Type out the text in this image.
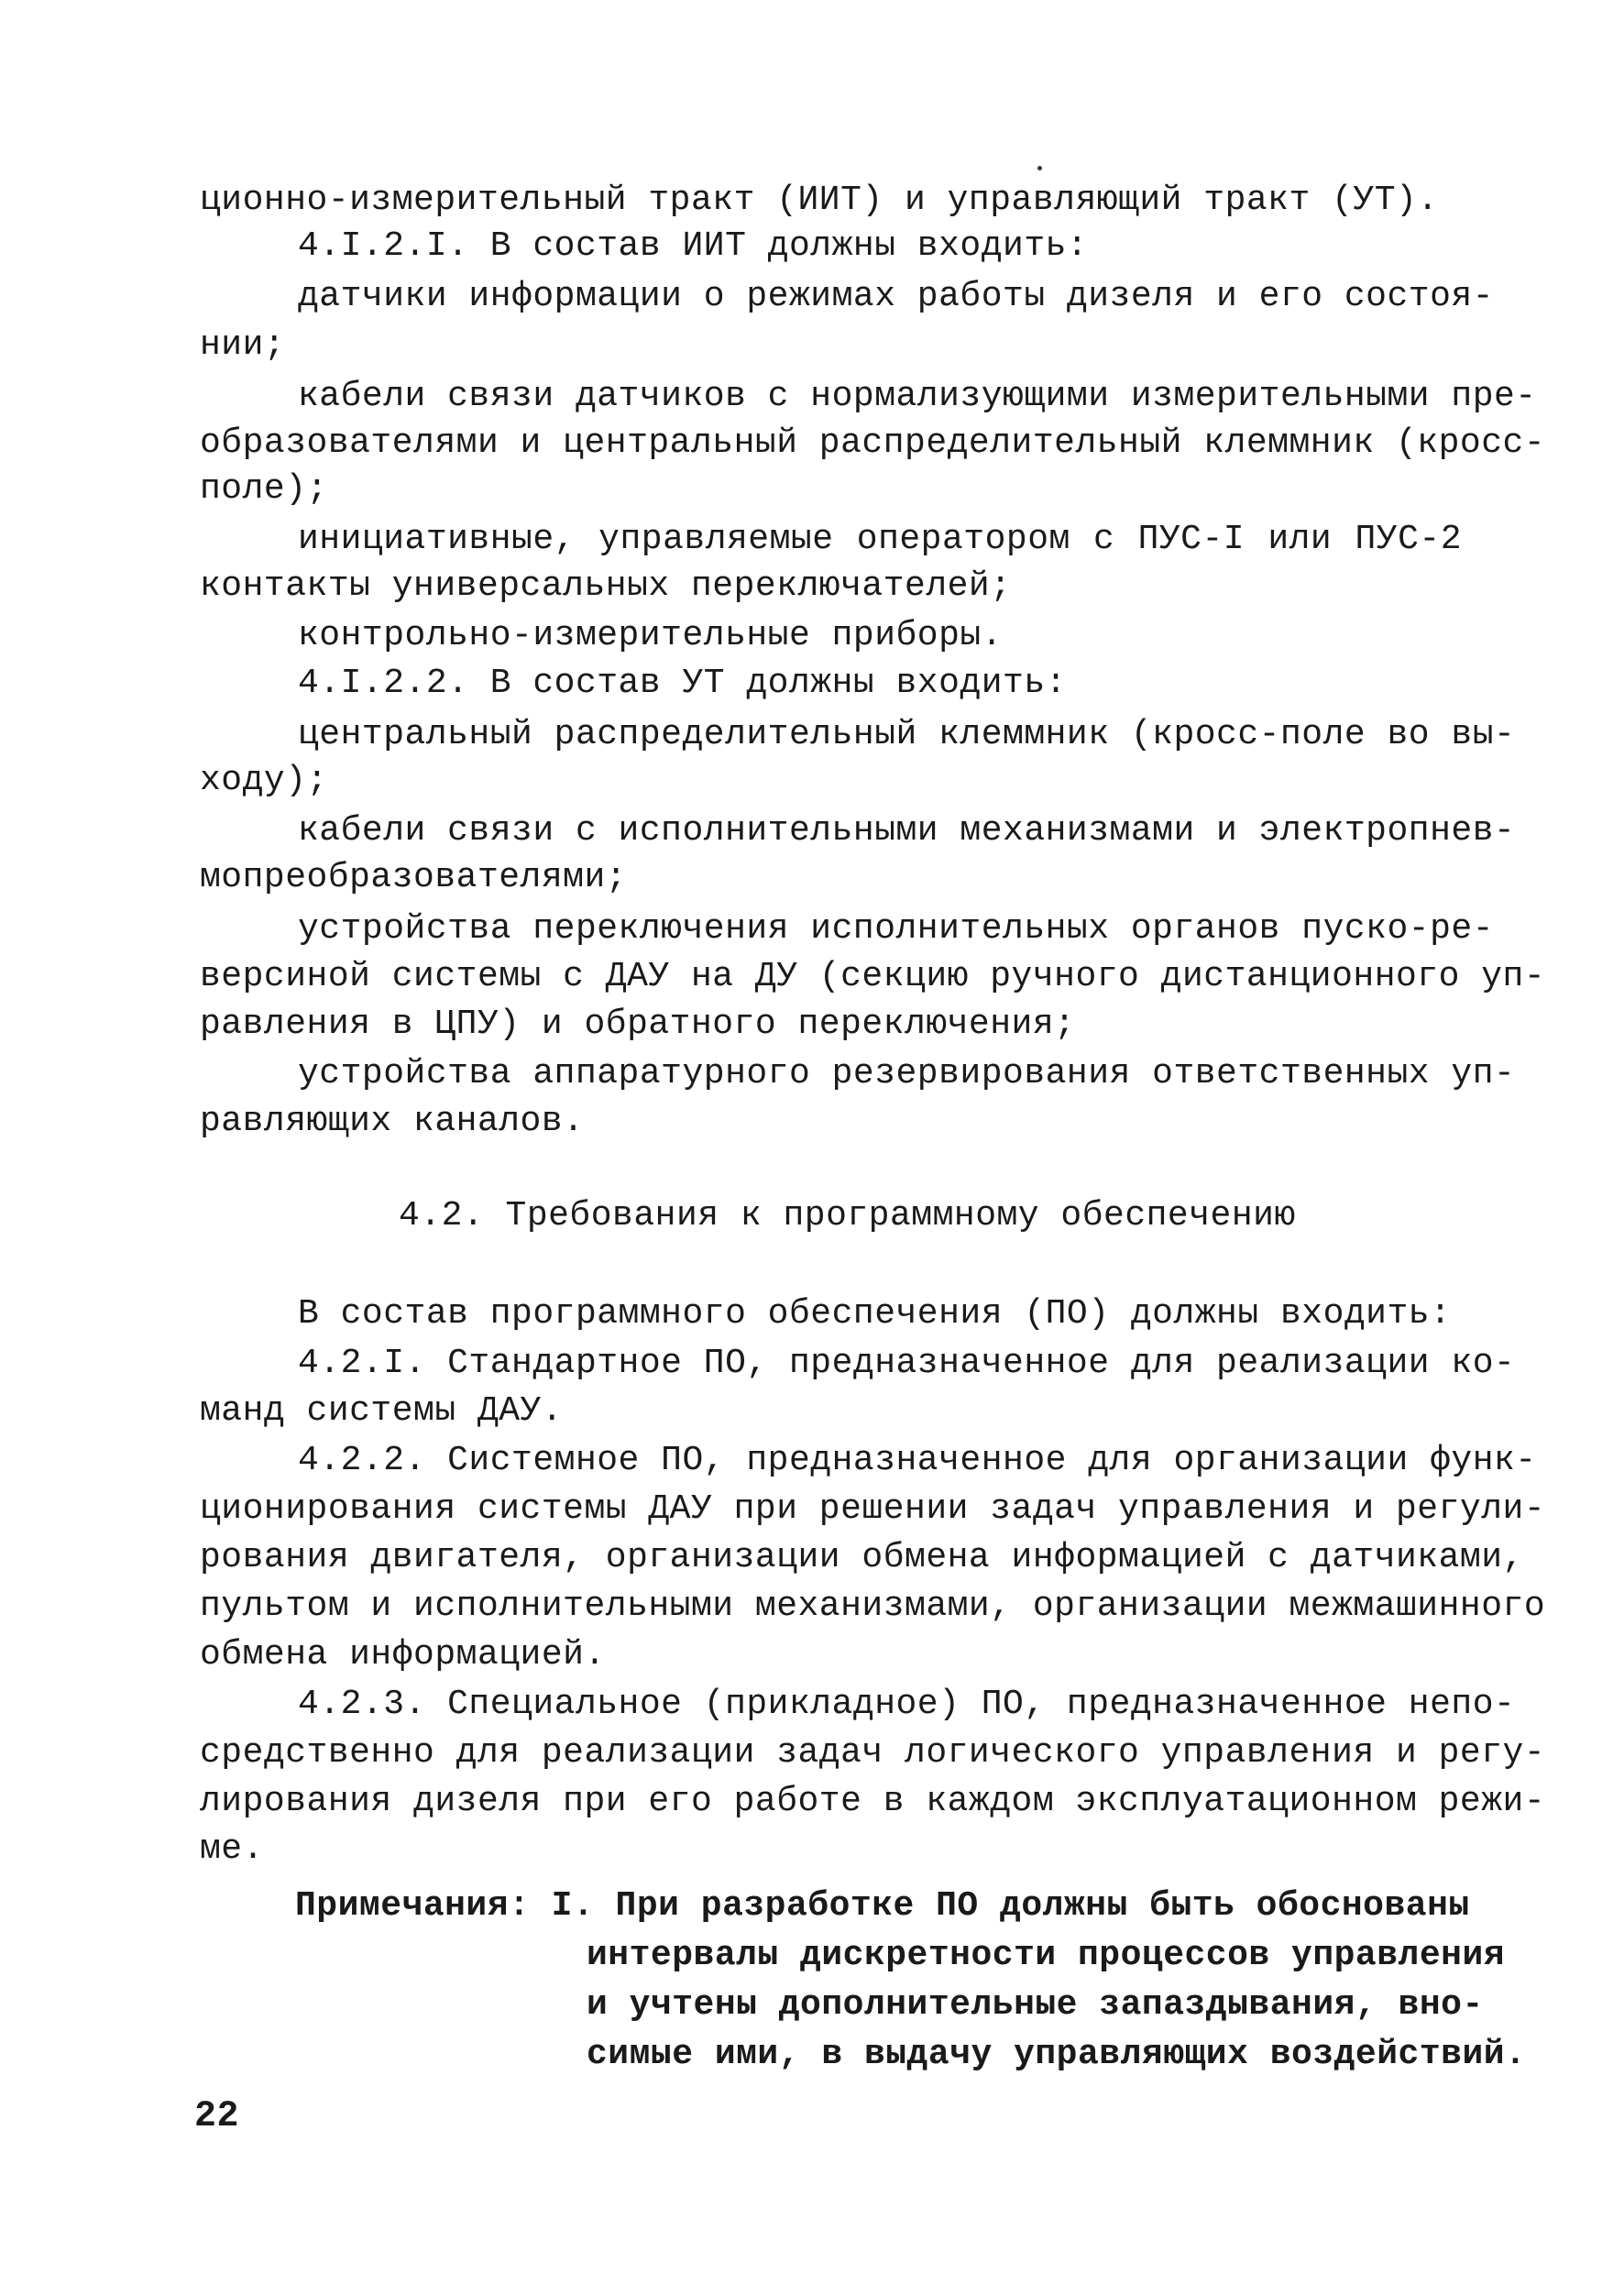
ционно-измерительный тракт (ИИТ) и управляющий тракт (УТ).
4.I.2.I. В состав ИИТ должны входить:
датчики информации о режимах работы дизеля и его состоя-
нии;
кабели связи датчиков с нормализующими измерительными пре-
образователями и центральный распределительный клеммник (кросс-
поле);
инициативные, управляемые оператором с ПУС-I или ПУС-2
контакты универсальных переключателей;
контрольно-измерительные приборы.
4.I.2.2. В состав УТ должны входить:
центральный распределительный клеммник (кросс-поле во вы-
ходу);
кабели связи с исполнительными механизмами и электропнев-
мопреобразователями;
устройства переключения исполнительных органов пуско-ре-
версиной системы с ДАУ на ДУ (секцию ручного дистанционного уп-
равления в ЦПУ) и обратного переключения;
устройства аппаратурного резервирования ответственных уп-
равляющих каналов.
4.2. Требования к программному обеспечению
В состав программного обеспечения (ПО) должны входить:
4.2.I. Стандартное ПО, предназначенное для реализации ко-
манд системы ДАУ.
4.2.2. Системное ПО, предназначенное для организации функ-
ционирования системы ДАУ при решении задач управления и регули-
рования двигателя, организации обмена информацией с датчиками,
пультом и исполнительными механизмами, организации межмашинного
обмена информацией.
4.2.3. Специальное (прикладное) ПО, предназначенное непо-
средственно для реализации задач логического управления и регу-
лирования дизеля при его работе в каждом эксплуатационном режи-
ме.
Примечания: I. При разработке ПО должны быть обоснованы
интервалы дискретности процессов управления
и учтены дополнительные запаздывания, вно-
симые ими, в выдачу управляющих воздействий.
22
